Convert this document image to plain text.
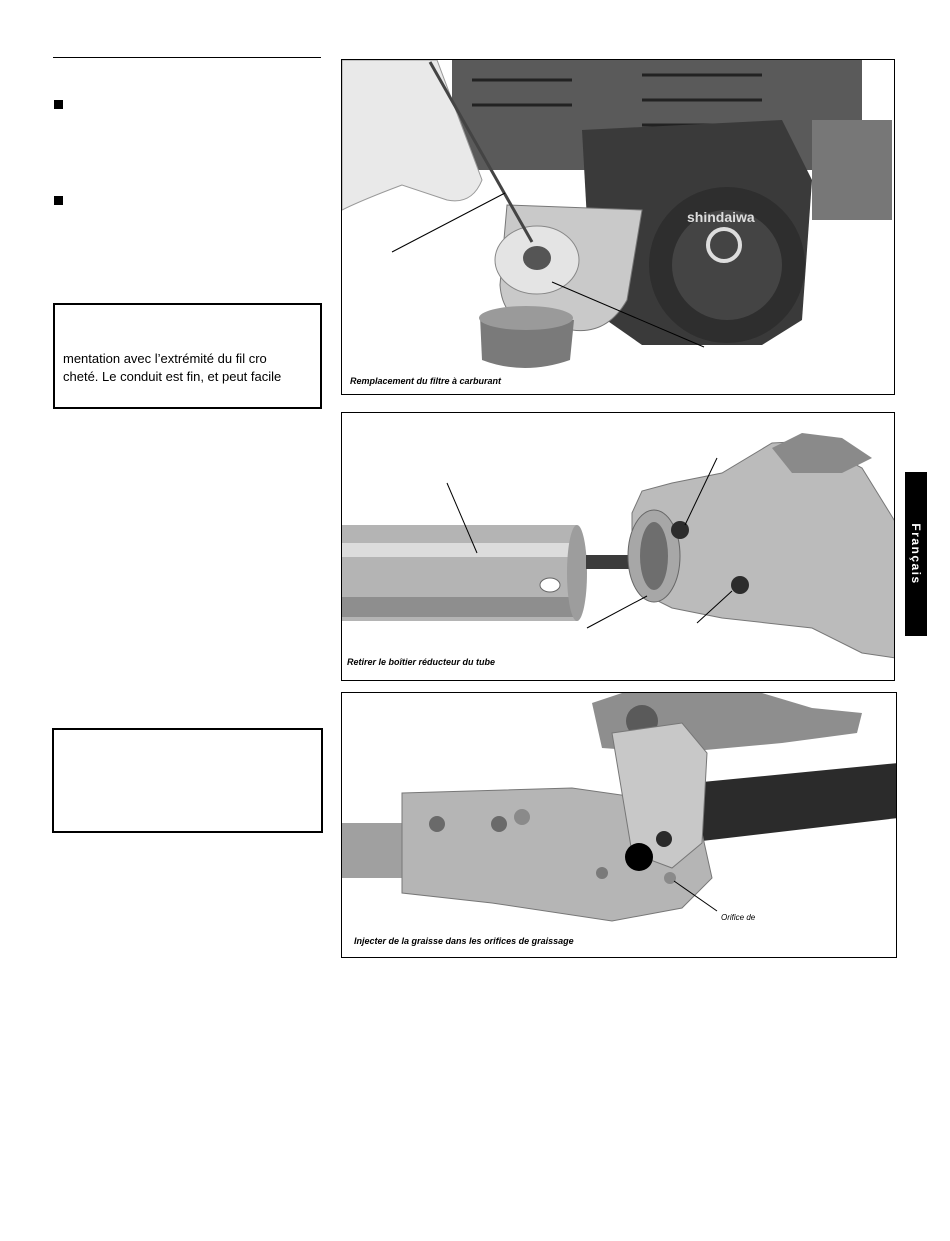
mentation avec l’extrémité du fil cro
cheté. Le conduit est fin, et peut facile
shindaiwa
Remplacement du filtre à carburant
Retirer le boîtier réducteur du tube
Orifice de
Injecter de la graisse dans les orifices de graissage
Français
